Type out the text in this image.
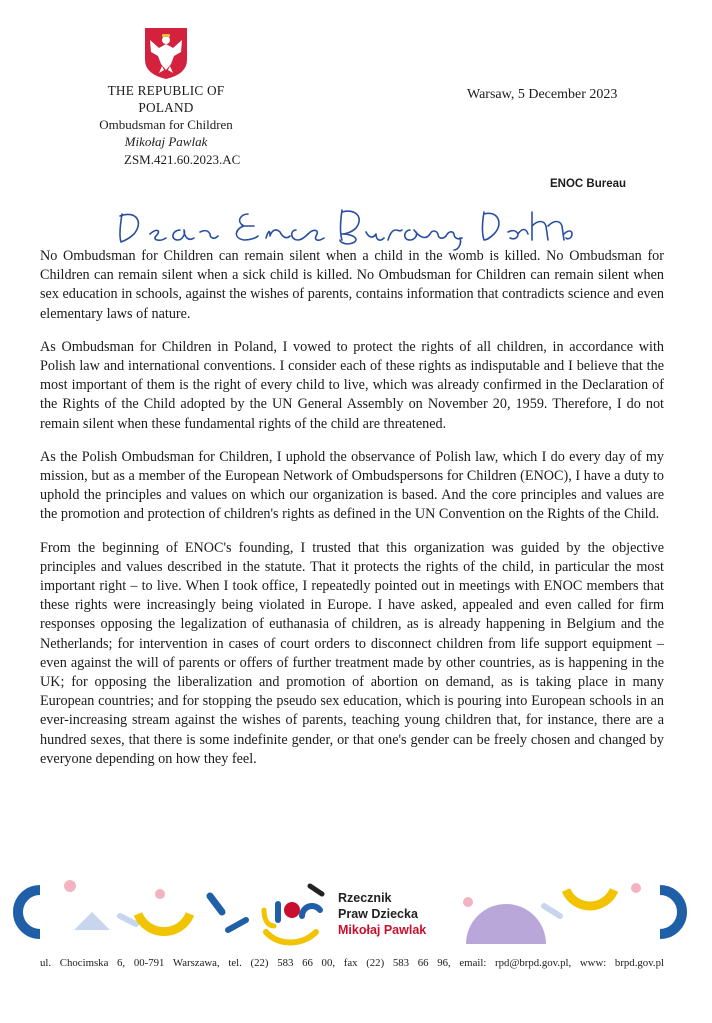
THE REPUBLIC OF POLAND
Ombudsman for Children
Mikołaj Pawlak
Warsaw, 5 December 2023
ZSM.421.60.2023.AC
ENOC Bureau

No Ombudsman for Children can remain silent when a child in the womb is killed. No Ombudsman for Children can remain silent when a sick child is killed. No Ombudsman for Children can remain silent when sex education in schools, against the wishes of parents, contains information that contradicts science and even elementary laws of nature.

As Ombudsman for Children in Poland, I vowed to protect the rights of all children, in accordance with Polish law and international conventions. I consider each of these rights as indisputable and I believe that the most important of them is the right of every child to live, which was already confirmed in the Declaration of the Rights of the Child adopted by the UN General Assembly on November 20, 1959. Therefore, I do not remain silent when these fundamental rights of the child are threatened.

As the Polish Ombudsman for Children, I uphold the observance of Polish law, which I do every day of my mission, but as a member of the European Network of Ombudspersons for Children (ENOC), I have a duty to uphold the principles and values on which our organization is based. And the core principles and values are the promotion and protection of children's rights as defined in the UN Convention on the Rights of the Child.

From the beginning of ENOC's founding, I trusted that this organization was guided by the objective principles and values described in the statute. That it protects the rights of the child, in particular the most important right – to live. When I took office, I repeatedly pointed out in meetings with ENOC members that these rights were increasingly being violated in Europe. I have asked, appealed and even called for firm responses opposing the legalization of euthanasia of children, as is already happening in Belgium and the Netherlands; for intervention in cases of court orders to disconnect children from life support equipment – even against the will of parents or offers of further treatment made by other countries, as is happening in the UK; for opposing the liberalization and promotion of abortion on demand, as is taking place in many European countries; and for stopping the pseudo sex education, which is pouring into European schools in an ever-increasing stream against the wishes of parents, teaching young children that, for instance, there are a hundred sexes, that there is some indefinite gender, or that one's gender can be freely chosen and changed by everyone depending on how they feel.

Rzecznik
Praw Dziecka
Mikołaj Pawlak
ul. Chocimska 6, 00-791 Warszawa, tel. (22) 583 66 00, fax (22) 583 66 96, email: rpd@brpd.gov.pl, www: brpd.gov.pl
